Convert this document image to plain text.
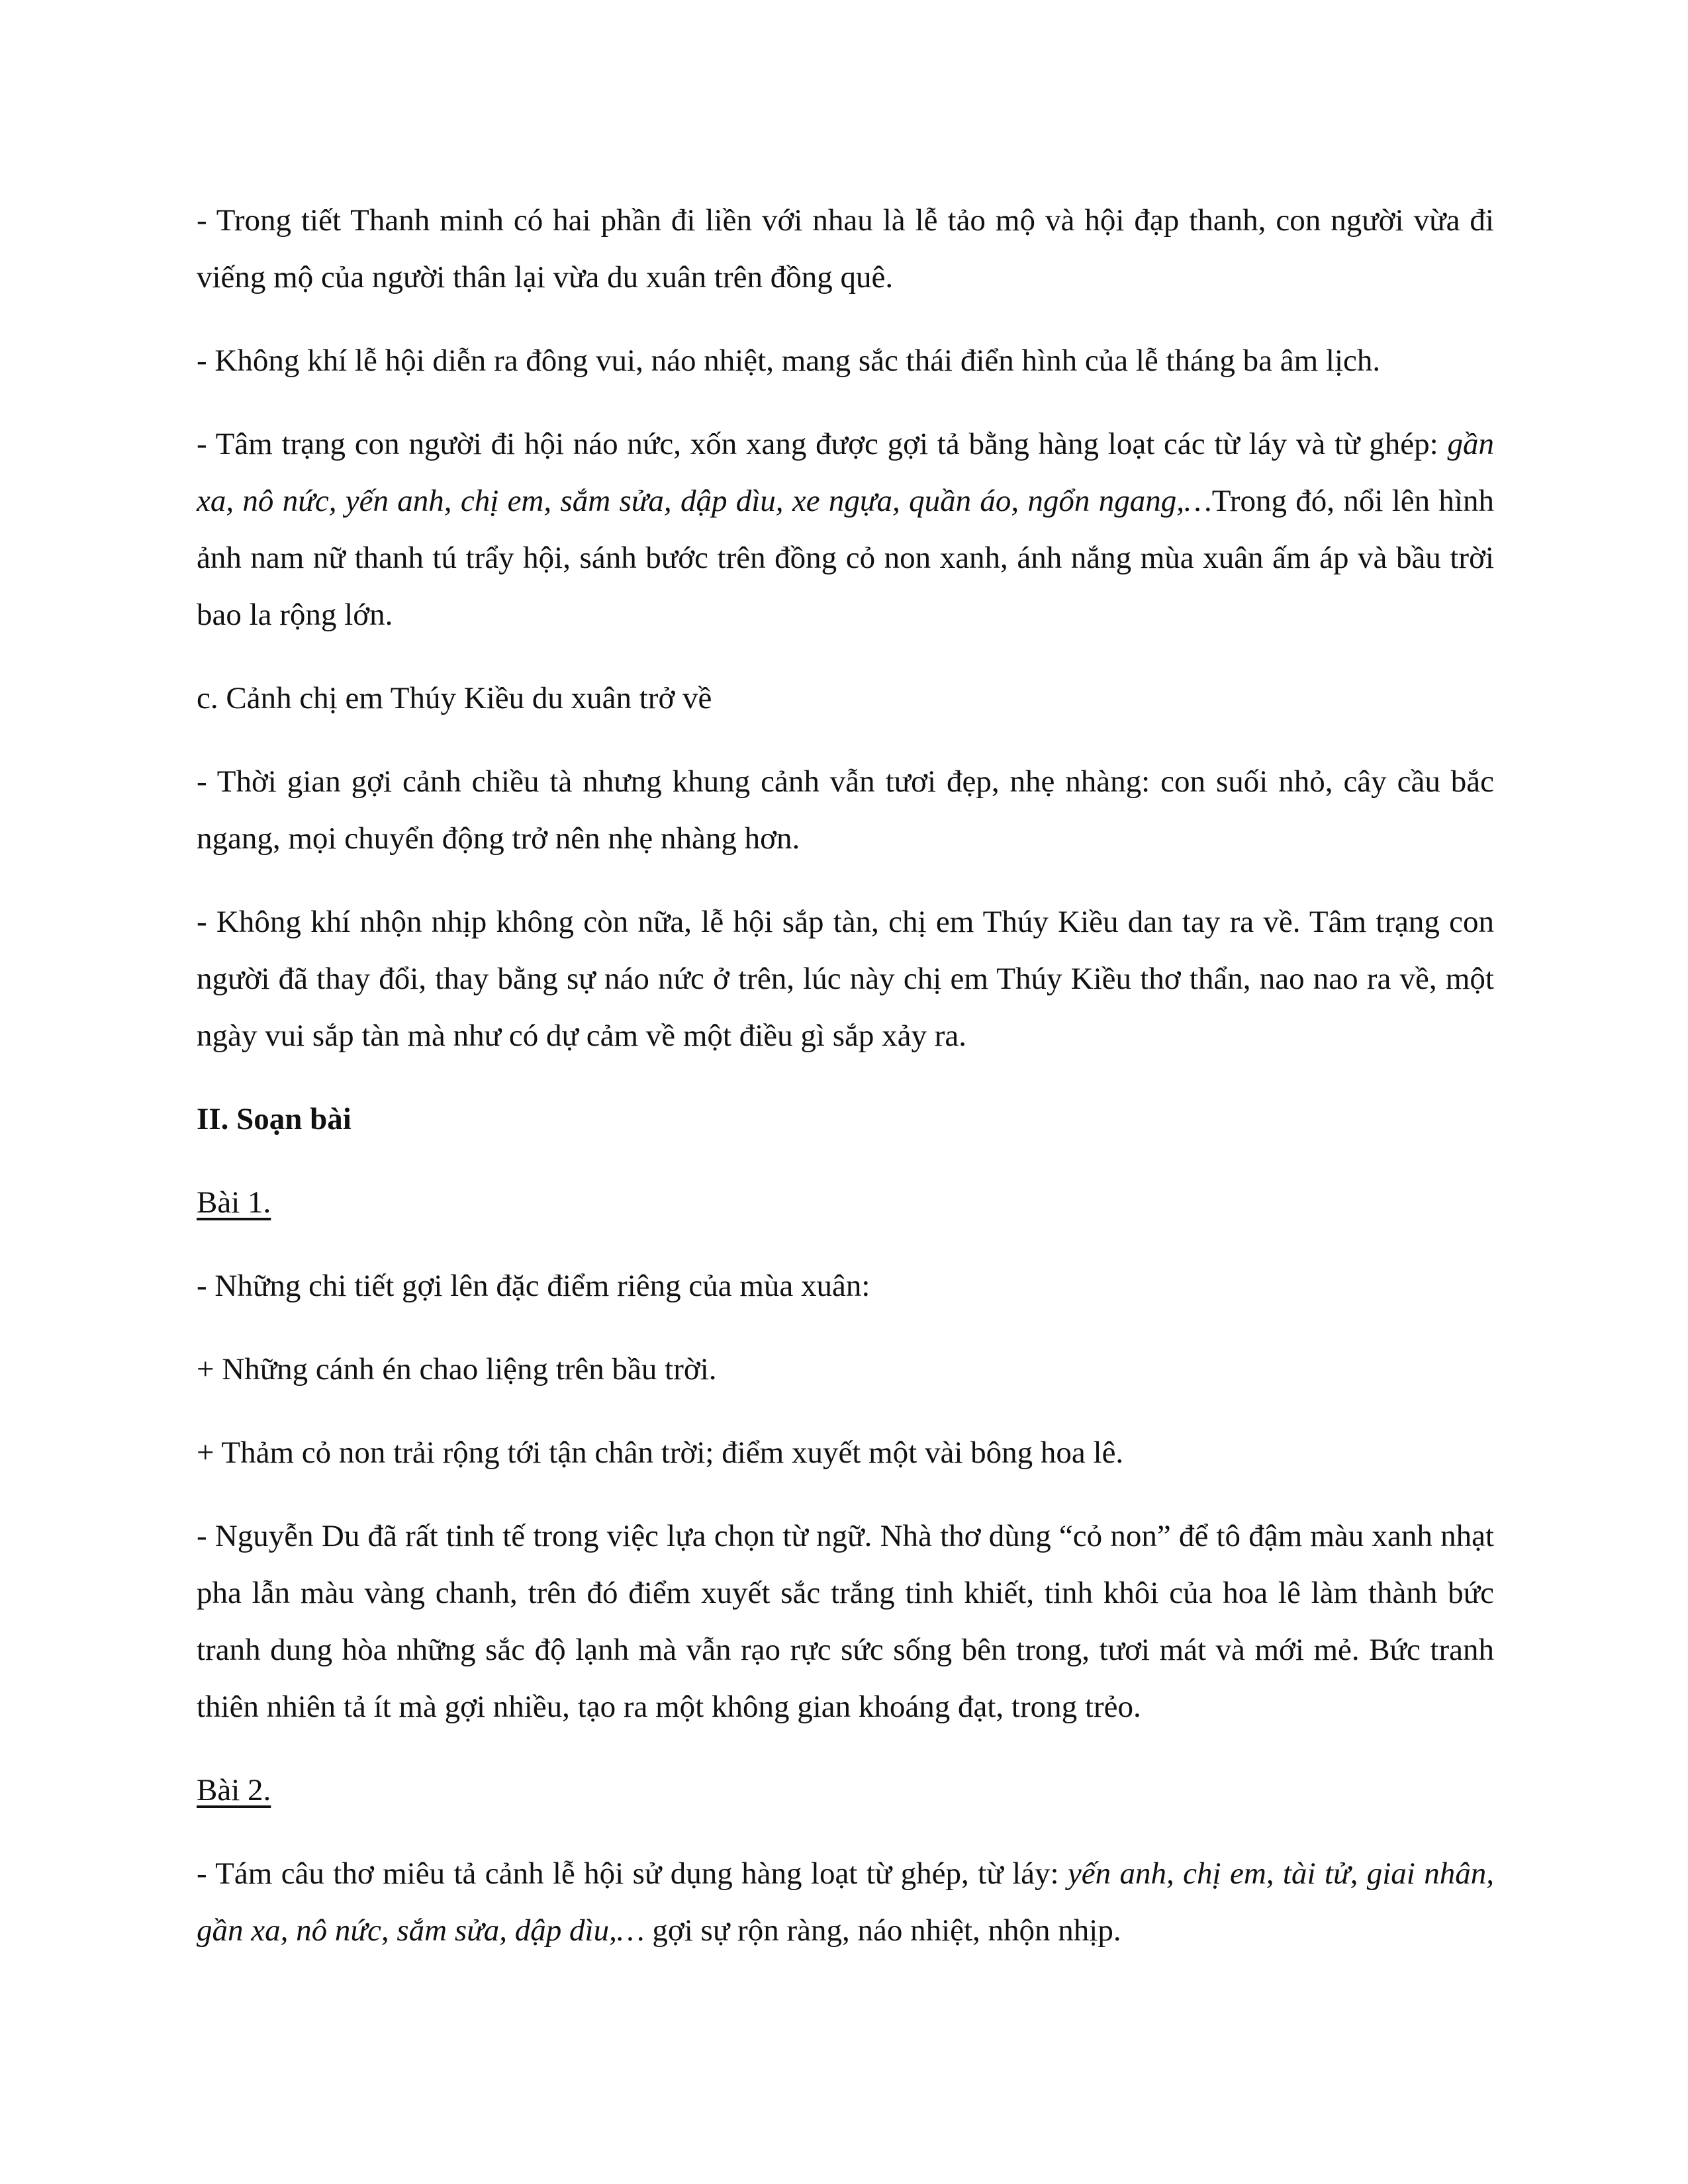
- Trong tiết Thanh minh có hai phần đi liền với nhau là lễ tảo mộ và hội đạp thanh, con người vừa đi viếng mộ của người thân lại vừa du xuân trên đồng quê.

- Không khí lễ hội diễn ra đông vui, náo nhiệt, mang sắc thái điển hình của lễ tháng ba âm lịch.

- Tâm trạng con người đi hội náo nức, xốn xang được gợi tả bằng hàng loạt các từ láy và từ ghép: gần xa, nô nức, yến anh, chị em, sắm sửa, dập dìu, xe ngựa, quần áo, ngổn ngang,…Trong đó, nổi lên hình ảnh nam nữ thanh tú trẩy hội, sánh bước trên đồng cỏ non xanh, ánh nắng mùa xuân ấm áp và bầu trời bao la rộng lớn.

c. Cảnh chị em Thúy Kiều du xuân trở về

- Thời gian gợi cảnh chiều tà nhưng khung cảnh vẫn tươi đẹp, nhẹ nhàng: con suối nhỏ, cây cầu bắc ngang, mọi chuyển động trở nên nhẹ nhàng hơn.

- Không khí nhộn nhịp không còn nữa, lễ hội sắp tàn, chị em Thúy Kiều dan tay ra về. Tâm trạng con người đã thay đổi, thay bằng sự náo nức ở trên, lúc này chị em Thúy Kiều thơ thẩn, nao nao ra về, một ngày vui sắp tàn mà như có dự cảm về một điều gì sắp xảy ra.

II. Soạn bài

Bài 1.

- Những chi tiết gợi lên đặc điểm riêng của mùa xuân:

+ Những cánh én chao liệng trên bầu trời.

+ Thảm cỏ non trải rộng tới tận chân trời; điểm xuyết một vài bông hoa lê.

- Nguyễn Du đã rất tinh tế trong việc lựa chọn từ ngữ. Nhà thơ dùng “cỏ non” để tô đậm màu xanh nhạt pha lẫn màu vàng chanh, trên đó điểm xuyết sắc trắng tinh khiết, tinh khôi của hoa lê làm thành bức tranh dung hòa những sắc độ lạnh mà vẫn rạo rực sức sống bên trong, tươi mát và mới mẻ. Bức tranh thiên nhiên tả ít mà gợi nhiều, tạo ra một không gian khoáng đạt, trong trẻo.

Bài 2.

- Tám câu thơ miêu tả cảnh lễ hội sử dụng hàng loạt từ ghép, từ láy: yến anh, chị em, tài tử, giai nhân, gần xa, nô nức, sắm sửa, dập dìu,… gợi sự rộn ràng, náo nhiệt, nhộn nhịp.
